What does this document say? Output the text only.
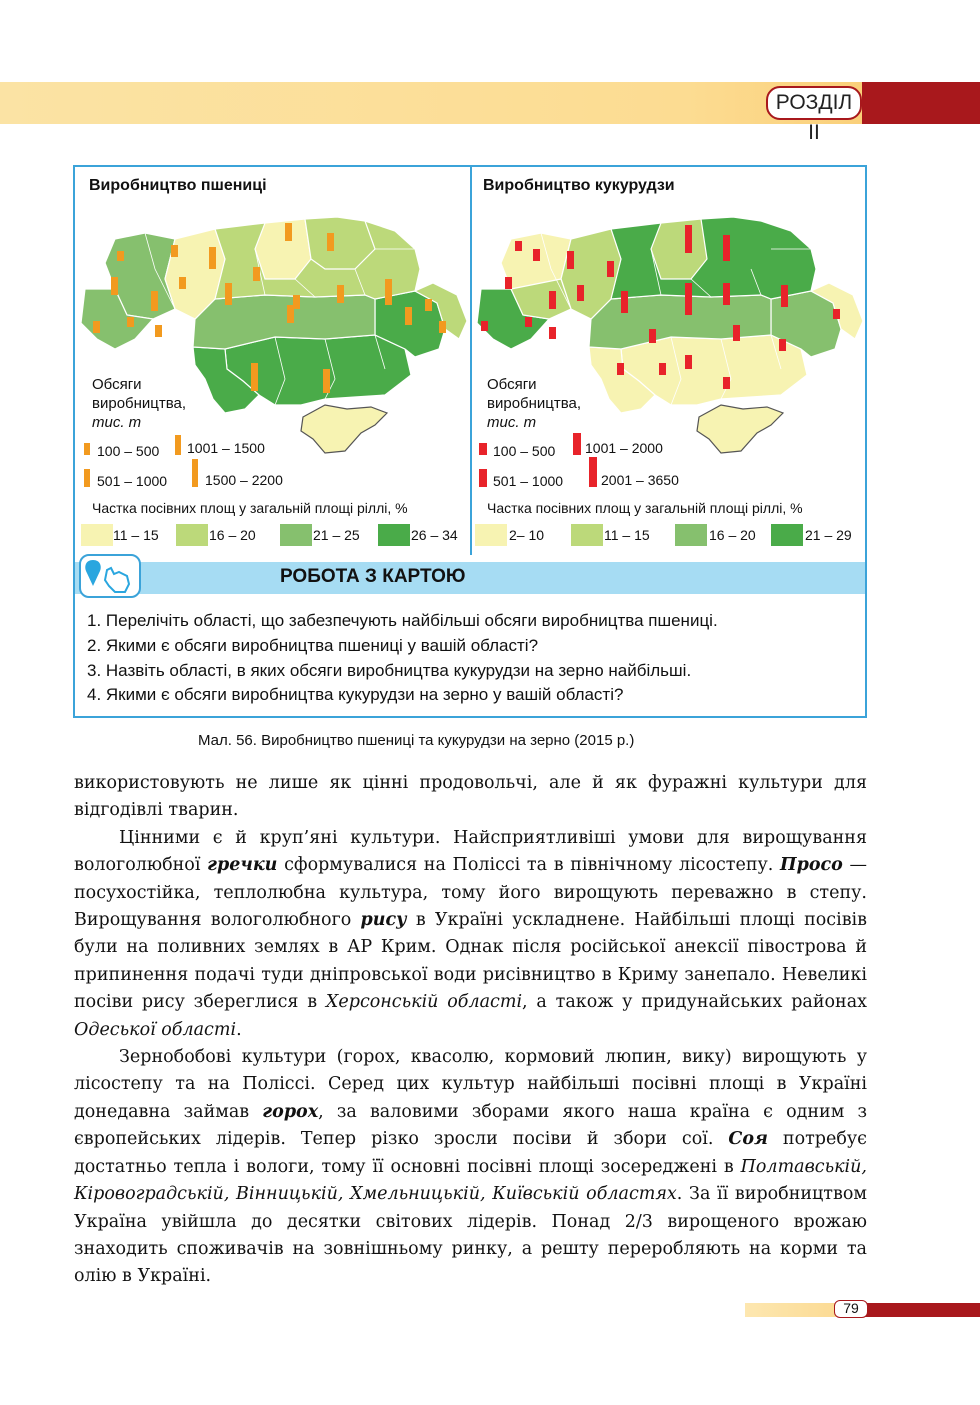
РОЗДІЛ ІІ
Виробництво пшениці
Обсяги
виробництва,
тис. т
100 – 500
501 – 1000
1001 – 1500
1500 – 2200
Частка посівних площ у загальній площі ріллі, %
11 – 15	16 – 20	21 – 25	26 – 34
Виробництво кукурудзи
Обсяги
виробництва,
тис. т
100 – 500
501 – 1000
1001 – 2000
2001 – 3650
Частка посівних площ у загальній площі ріллі, %
2– 10	11 – 15	16 – 20	21 – 29
РОБОТА З КАРТОЮ
1. Перелічіть області, що забезпечують найбільші обсяги виробництва пшениці.
2. Якими є обсяги виробництва пшениці у вашій області?
3. Назвіть області, в яких обсяги виробництва кукурудзи на зерно найбільші.
4. Якими є обсяги виробництва кукурудзи на зерно у вашій області?
Мал. 56. Виробництво пшениці та кукурудзи на зерно (2015 р.)

використовують не лише як цінні продовольчі, але й як фуражні культури для відгодівлі тварин.

Цінними є й круп’яні культури. Найсприятливіші умови для вирощування вологолюбної гречки сформувалися на Поліссі та в північному лісостепу. Просо — посухостійка, теплолюбна культура, тому його вирощують переважно в степу. Вирощування вологолюбного рису в Україні ускладнене. Найбільші площі посівів були на поливних землях в АР Крим. Однак після російської анексії півострова й припинення подачі туди дніпровської води рисівництво в Криму занепало. Невеликі посіви рису збереглися в Херсонській області, а також у придунайських районах Одеської області.

Зернобобові культури (горох, квасолю, кормовий люпин, вику) вирощують у лісостепу та на Поліссі. Серед цих культур найбільші посівні площі в Україні донедавна займав горох, за валовими зборами якого наша країна є одним з європейських лідерів. Тепер різко зросли посіви й збори сої. Соя потребує достатньо тепла і вологи, тому її основні посівні площі зосереджені в Полтавській, Кіровоградській, Вінницькій, Хмельницькій, Київській областях. За її виробництвом Україна увійшла до десятки світових лідерів. Понад 2/3 вирощеного врожаю знаходить споживачів на зовнішньому ринку, а решту переробляють на корми та олію в Україні.

79
